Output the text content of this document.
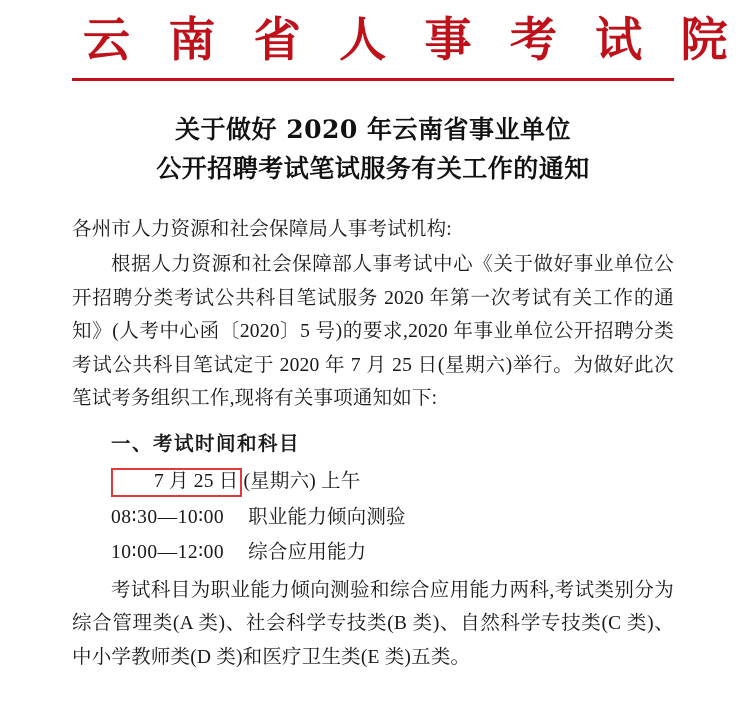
云 南 省 人 事 考 试 院
关于做好 2020 年云南省事业单位
公开招聘考试笔试服务有关工作的通知

各州市人力资源和社会保障局人事考试机构:

根据人力资源和社会保障部人事考试中心《关于做好事业单位公开招聘分类考试公共科目笔试服务 2020 年第一次考试有关工作的通知》(人考中心函〔2020〕5 号)的要求,2020 年事业单位公开招聘分类考试公共科目笔试定于 2020 年 7 月 25 日(星期六)举行。为做好此次笔试考务组织工作,现将有关事项通知如下:

一、考试时间和科目

7 月 25 日 (星期六) 上午

08∶30—10∶00 职业能力倾向测验
10∶00—12∶00 综合应用能力

考试科目为职业能力倾向测验和综合应用能力两科,考试类别分为综合管理类(A 类)、社会科学专技类(B 类)、自然科学专技类(C 类)、中小学教师类(D 类)和医疗卫生类(E 类)五类。
